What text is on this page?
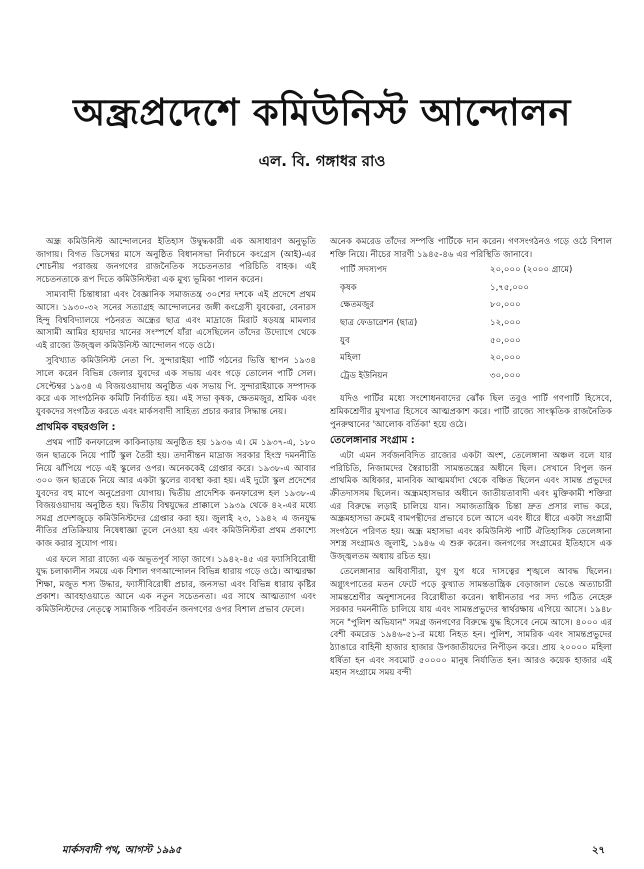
অন্ধ্রপ্রদেশে কমিউনিস্ট আন্দোলন
এল. বি. গঙ্গাধর রাও

অন্ধ্র কমিউনিস্ট আন্দোলনের ইতিহাস উদ্বুদ্ধকারী এক অসাধারণ অনুভূতি জাগায়। বিগত ডিসেম্বর মাসে অনুষ্ঠিত বিধানসভা নির্বাচনে কংগ্রেস (আই)-এর শোচনীয় পরাজয় জনগণের রাজনৈতিক সচেতনতার পরিচিতি বাহক। এই সচেতনতাকে রূপ দিতে কমিউনিস্টরা এক মুখ্য ভূমিকা পালন করেন।

সাম্যবাদী চিন্তাধারা এবং বৈজ্ঞানিক সমাজতন্ত্র ৩০শের দশকে এই প্রদেশে প্রথম আসে। ১৯৩০-৩২ সনের সত্যাগ্রহ আন্দোলনের জঙ্গী কংগ্রেসী যুবকেরা, বেনারস হিন্দু বিশ্ববিদ্যালয়ে পঠনরত অন্ধ্রের ছাত্র এবং মাদ্রাজে মিরাট ষড়যন্ত্র মামলার আসামী আমির হায়দার খানের সংস্পর্শে যাঁরা এসেছিলেন তাঁদের উদ্যোগে থেকে এই রাজ্যে উজ্জ্বল কমিউনিস্ট আন্দোলন গড়ে ওঠে।

সুবিখ্যাত কমিউনিস্ট নেতা পি. সুন্দারাইয়া পার্টি গঠনের ভিত্তি স্থাপন ১৯৩৪ সালে করেন বিভিন্ন জেলার যুবদের এক সভায় এবং গড়ে তোলেন পার্টি সেল। সেপ্টেম্বর ১৯৩৪ এ বিজয়ওয়াদায় অনুষ্ঠিত এক সভায় পি. সুন্দারাইয়াকে সম্পাদক করে এক সাংগঠনিক কমিটি নির্বাচিত হয়। এই সভা কৃষক, ক্ষেতমজুর, শ্রমিক এবং যুবকদের সংগঠিত করতে এবং মার্কসবাদী সাহিত্য প্রচার করার সিদ্ধান্ত নেয়।

প্রাথমিক বছরগুলি :

প্রথম পার্টি কনফারেন্স কাকিনাড়ায় অনুষ্ঠিত হয় ১৯৩৬ এ। মে ১৯৩৭-এ, ১৮০ জন ছাত্রকে নিয়ে পার্টি স্কুল তৈরী হয়। তদানীন্তন মাদ্রাজ সরকার হিংস্র দমননীতি নিয়ে ঝাঁপিয়ে পড়ে এই স্কুলের ওপর। অনেককেই গ্রেপ্তার করে। ১৯৩৮-এ আবার ৩০০ জন ছাত্রকে নিয়ে আর একটা স্কুলের ব্যবস্থা করা হয়। এই দুটো স্কুল প্রদেশের যুবদের বহু মাপে অনুপ্রেরণা যোগায়। দ্বিতীয় প্রাদেশিক কনফারেন্স হল ১৯৩৮-এ বিজয়ওয়াদায় অনুষ্ঠিত হয়। দ্বিতীয় বিশ্বযুদ্ধের প্রাক্কালে ১৯৩৯ থেকে ৪২-এর মধ্যে সমগ্র প্রদেশজুড়ে কমিউনিস্টদের গ্রেপ্তার করা হয়। জুলাই ২৩, ১৯৪২ এ জনযুদ্ধ নীতির প্রতিক্রিয়ায় নিষেধাজ্ঞা তুলে নেওয়া হয় এবং কমিউনিস্টরা প্রথম প্রকাশ্যে কাজ করার সুযোগ পায়।

এর ফলে সারা রাজ্যে এক অভূতপূর্ব সাড়া জাগে। ১৯৪২-৪৫ এর ফ্যাসিবিরোধী যুদ্ধ চলাকালীন সময়ে এক বিশাল গণআন্দোলন বিভিন্ন ধারায় গড়ে ওঠে। আত্মরক্ষা শিক্ষা, মজুত শস্য উদ্ধার, ফ্যাসীবিরোধী প্রচার, জনসভা এবং বিভিন্ন ধারায় কৃষ্টির প্রকাশ। আবহাওয়াতে আনে এক নতুন সচেতনতা। এর সাথে আত্মত্যাগ এবং কমিউনিস্টদের নেতৃত্বে সামাজিক পরিবর্তন জনগণের ওপর বিশাল প্রভাব ফেলে।

অনেক কমরেড তাঁদের সম্পত্তি পার্টিকে দান করেন। গণসংগঠনও গড়ে ওঠে বিশাল শক্তি নিয়ে। নীচের সারণী ১৯৪৫-৪৬ এর পরিস্থিতি জানাবে।

পার্টি সদস্যপদ	২০,০০০ (২০০০ গ্রামে)
কৃষক	১,৭৫,০০০
ক্ষেতমজুর	৮০,০০০
ছাত্র ফেডারেশন (ছাত্র)	১২,০০০
যুব	৫০,০০০
মহিলা	২০,০০০
ট্রেড ইউনিয়ন	৩০,০০০

যদিও পার্টির মধ্যে সংশোধনবাদের ঝোঁক ছিল তবুও পার্টি গণপার্টি হিসেবে, শ্রমিকশ্রেণীর মুখপাত্র হিসেবে আত্মপ্রকাশ করে। পার্টি রাজ্যে সাংস্কৃতিক রাজনৈতিক পুনরুত্থানের 'আলোক বর্তিকা' হয়ে ওঠে।

তেলেঙ্গানার সংগ্রাম :

এটা এমন সর্বজনবিদিত রাজ্যের একটা অংশ, তেলেঙ্গানা অঞ্চল বলে যার পরিচিতি, নিজামদের স্বৈরাচারী সামন্ততন্ত্রের অধীনে ছিল। সেখানে বিপুল জন প্রাথমিক অধিকার, মানবিক আত্মমর্যাদা থেকে বঞ্চিত ছিলেন এবং সামন্ত প্রভুদের ক্রীতদাসসম ছিলেন। অন্ধ্রমহাসভার অধীনে জাতীয়তাবাদী এবং মুক্তিকামী শক্তিরা এর বিরুদ্ধে লড়াই চালিয়ে যান। সমাজতান্ত্রিক চিন্তা দ্রুত প্রসার লাভ করে, অন্ধ্রমহাসভা ক্রমেই বামপন্থীদের প্রভাবে চলে আসে এবং ধীরে ধীরে একটা সংগ্রামী সংগঠনে পরিণত হয়। অন্ধ্র মহাসভা এবং কমিউনিস্ট পার্টি ঐতিহাসিক তেলেঙ্গানা সশস্ত্র সংগ্রামও জুলাই, ১৯৪৬ এ শুরু করেন। জনগণের সংগ্রামের ইতিহাসে এক উজ্জ্বলতম অধ্যায় রচিত হয়।

তেলেঙ্গানার অধিবাসীরা, যুগ যুগ ধরে দাসত্বের শৃঙ্খলে আবদ্ধ ছিলেন। অগ্ন্যুৎপাতের মতন ফেটে পড়ে কুখ্যাত সামন্ততান্ত্রিক বেড়াজাল ভেঙে অত্যাচারী সামন্তশ্রেণীর অনুশাসনের বিরোধীতা করেন। স্বাধীনতার পর সদ্য গঠিত নেহেরু সরকার দমননীতি চালিয়ে যায় এবং সামন্তপ্রভুদের স্বার্থরক্ষায় এগিয়ে আসে। ১৯৪৮ সনে "পুলিশ অভিযান" সমগ্র জনগণের বিরুদ্ধে যুদ্ধ হিসেবে নেমে আসে। ৪০০০ এর বেশী কমরেড ১৯৪৬-৫১-র মধ্যে নিহত হন। পুলিশ, সামরিক এবং সামন্তপ্রভুদের ঠ্যাঙারে বাহিনী হাজার হাজার উপজাতীয়দের নিপীড়ন করে। প্রায় ২০০০০ মহিলা ধর্ষিতা হন এবং সবমোট ৫০০০০ মানুষ নির্যাতিত হন। আরও কয়েক হাজার এই মহান সংগ্রামে সময় বন্দী

মার্কসবাদী পথ, আগস্ট ১৯৯৫	২৭
